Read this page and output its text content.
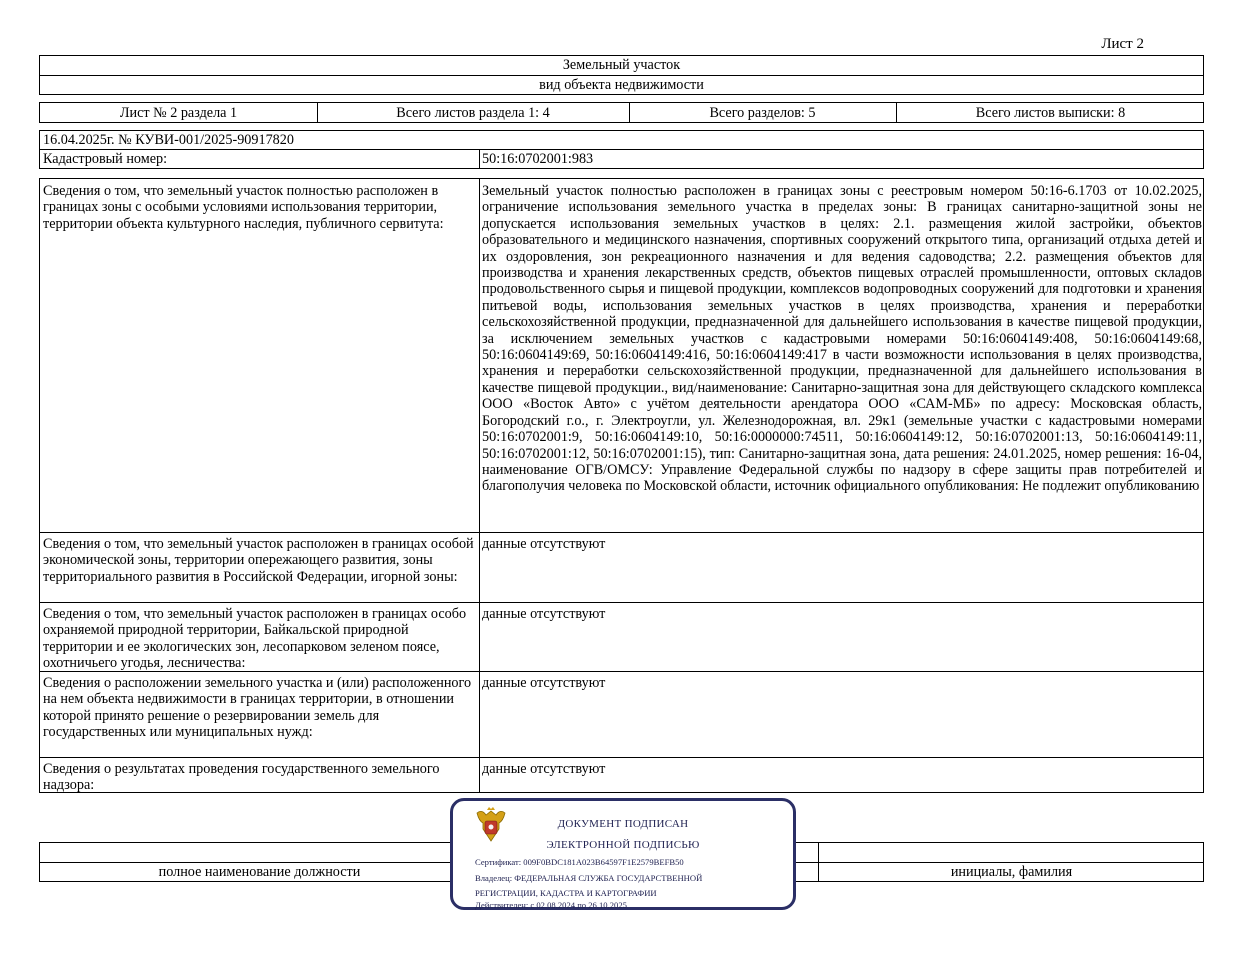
Лист 2
Земельный участок
вид объекта недвижимости
Лист № 2 раздела 1	Всего листов раздела 1: 4	Всего разделов: 5	Всего листов выписки: 8
16.04.2025г. № КУВИ-001/2025-90917820
Кадастровый номер:	50:16:0702001:983
Сведения о том, что земельный участок полностью расположен в границах зоны с особыми условиями использования территории, территории объекта культурного наследия, публичного сервитута:
Земельный участок полностью расположен в границах зоны с реестровым номером 50:16-6.1703 от 10.02.2025, ограничение использования земельного участка в пределах зоны: В границах санитарно-защитной зоны не допускается использования земельных участков в целях: 2.1. размещения жилой застройки, объектов образовательного и медицинского назначения, спортивных сооружений открытого типа, организаций отдыха детей и их оздоровления, зон рекреационного назначения и для ведения садоводства; 2.2. размещения объектов для производства и хранения лекарственных средств, объектов пищевых отраслей промышленности, оптовых складов продовольственного сырья и пищевой продукции, комплексов водопроводных сооружений для подготовки и хранения питьевой воды, использования земельных участков в целях производства, хранения и переработки сельскохозяйственной продукции, предназначенной для дальнейшего использования в качестве пищевой продукции, за исключением земельных участков с кадастровыми номерами 50:16:0604149:408, 50:16:0604149:68, 50:16:0604149:69, 50:16:0604149:416, 50:16:0604149:417 в части возможности использования в целях производства, хранения и переработки сельскохозяйственной продукции, предназначенной для дальнейшего использования в качестве пищевой продукции., вид/наименование: Санитарно-защитная зона для действующего складского комплекса ООО «Восток Авто» с учётом деятельности арендатора ООО «САМ-МБ» по адресу: Московская область, Богородский г.о., г. Электроугли, ул. Железнодорожная, вл. 29к1 (земельные участки с кадастровыми номерами 50:16:0702001:9, 50:16:0604149:10, 50:16:0000000:74511, 50:16:0604149:12, 50:16:0702001:13, 50:16:0604149:11, 50:16:0702001:12, 50:16:0702001:15), тип: Санитарно-защитная зона, дата решения: 24.01.2025, номер решения: 16-04, наименование ОГВ/ОМСУ: Управление Федеральной службы по надзору в сфере защиты прав потребителей и благополучия человека по Московской области, источник официального опубликования: Не подлежит опубликованию
Сведения о том, что земельный участок расположен в границах особой экономической зоны, территории опережающего развития, зоны территориального развития в Российской Федерации, игорной зоны:
данные отсутствуют
Сведения о том, что земельный участок расположен в границах особо охраняемой природной территории, Байкальской природной территории и ее экологических зон, лесопарковом зеленом поясе, охотничьего угодья, лесничества:
данные отсутствуют
Сведения о расположении земельного участка и (или) расположенного на нем объекта недвижимости в границах территории, в отношении которой принято решение о резервировании земель для государственных или муниципальных нужд:
данные отсутствуют
Сведения о результатах проведения государственного земельного надзора:
данные отсутствуют
полное наименование должности	инициалы, фамилия
ДОКУМЕНТ ПОДПИСАН
ЭЛЕКТРОННОЙ ПОДПИСЬЮ
Сертификат: 009F0BDC181A023B64597F1E2579BEFB50
Владелец: ФЕДЕРАЛЬНАЯ СЛУЖБА ГОСУДАРСТВЕННОЙ
РЕГИСТРАЦИИ, КАДАСТРА И КАРТОГРАФИИ
Действителен: с 02.08.2024 по 26.10.2025
